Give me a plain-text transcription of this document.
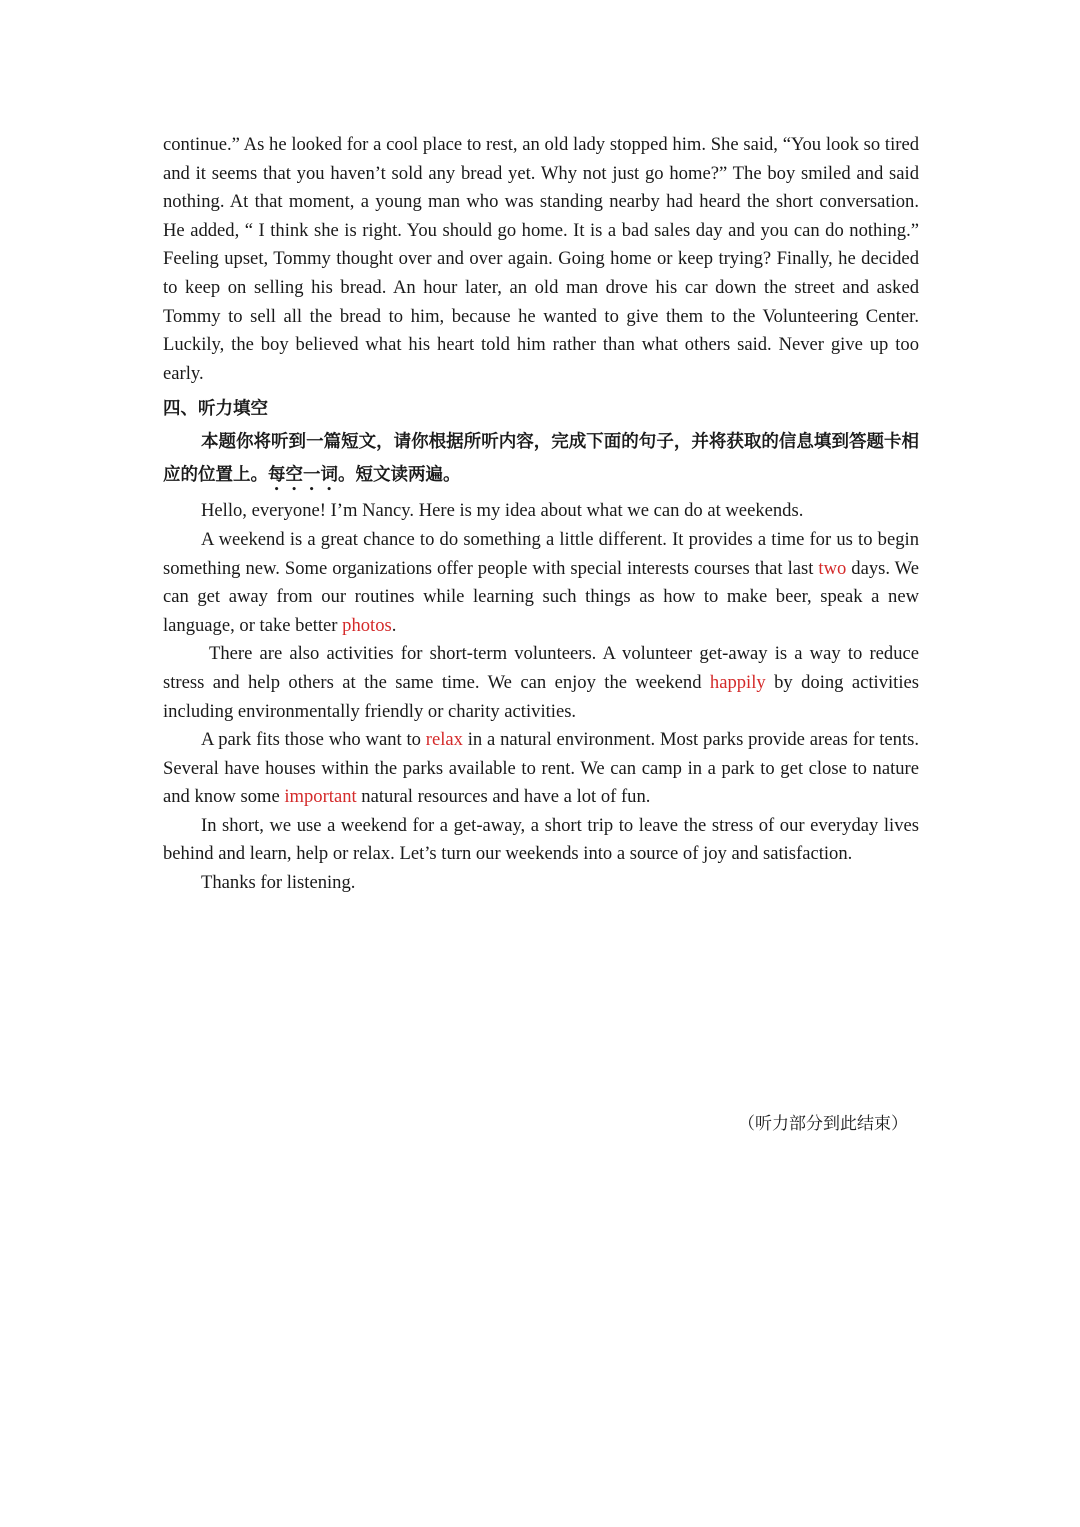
continue.” As he looked for a cool place to rest, an old lady stopped him. She said, “You look so tired and it seems that you haven’t sold any bread yet. Why not just go home?” The boy smiled and said nothing. At that moment, a young man who was standing nearby had heard the short conversation. He added, “ I think she is right. You should go home. It is a bad sales day and you can do nothing.” Feeling upset, Tommy thought over and over again. Going home or keep trying? Finally, he decided to keep on selling his bread. An hour later, an old man drove his car down the street and asked Tommy to sell all the bread to him, because he wanted to give them to the Volunteering Center. Luckily, the boy believed what his heart told him rather than what others said. Never give up too early.

四、听力填空

本题你将听到一篇短文，请你根据所听内容，完成下面的句子，并将获取的信息填到答题卡相应的位置上。每空一词。短文读两遍。

Hello, everyone! I’m Nancy. Here is my idea about what we can do at weekends.

A weekend is a great chance to do something a little different. It provides a time for us to begin something new. Some organizations offer people with special interests courses that last two days. We can get away from our routines while learning such things as how to make beer, speak a new language, or take better photos.

There are also activities for short-term volunteers. A volunteer get-away is a way to reduce stress and help others at the same time. We can enjoy the weekend happily by doing activities including environmentally friendly or charity activities.

A park fits those who want to relax in a natural environment. Most parks provide areas for tents. Several have houses within the parks available to rent. We can camp in a park to get close to nature and know some important natural resources and have a lot of fun.

In short, we use a weekend for a get-away, a short trip to leave the stress of our everyday lives behind and learn, help or relax. Let’s turn our weekends into a source of joy and satisfaction.

Thanks for listening.

（听力部分到此结束）
